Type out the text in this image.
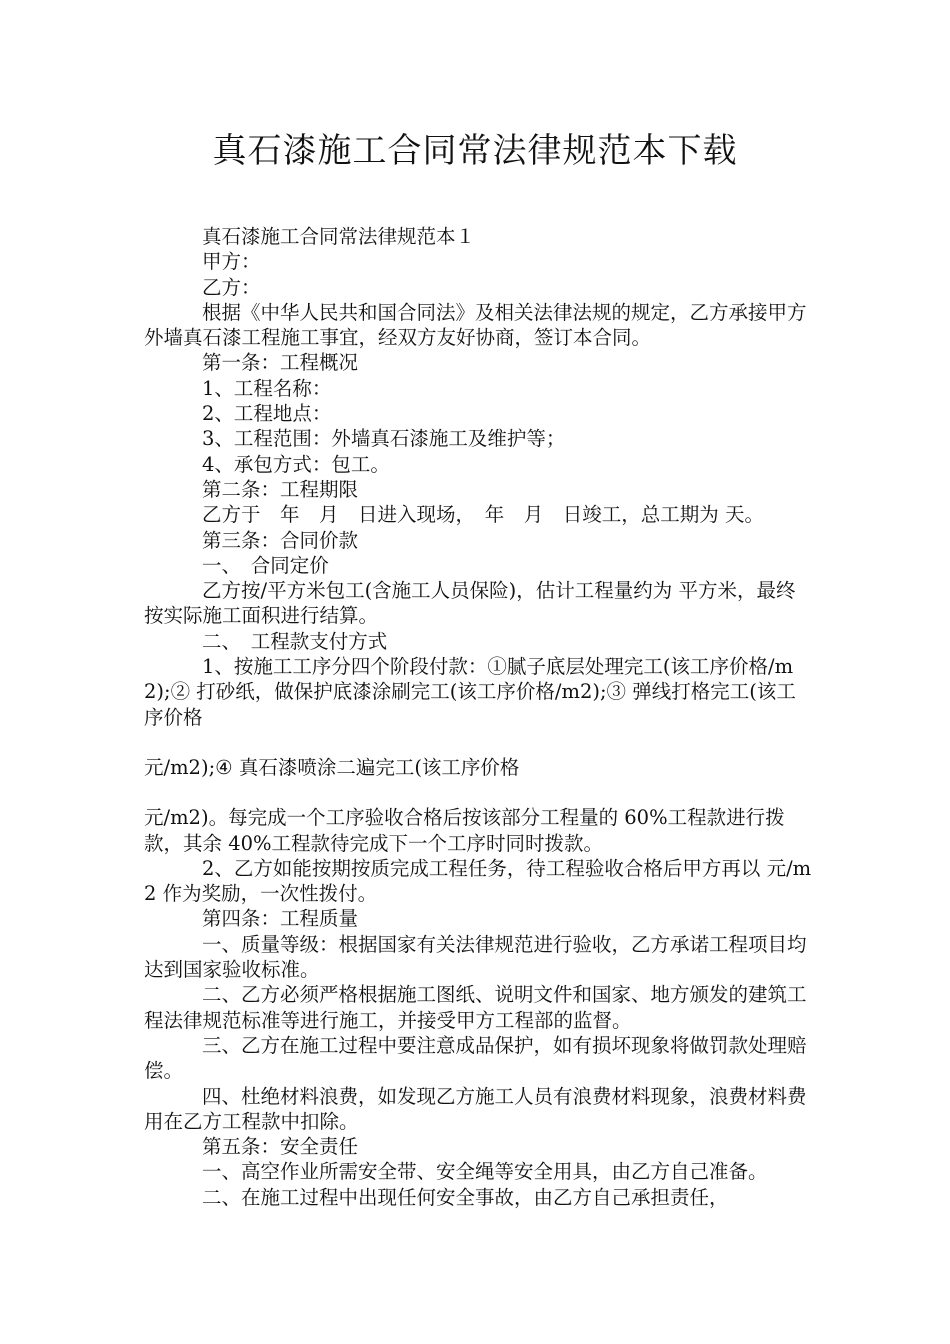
真石漆施工合同常法律规范本下载

真石漆施工合同常法律规范本１

甲方：

乙方：

根据《中华人民共和国合同法》及相关法律法规的规定，乙方承接甲方外墙真石漆工程施工事宜，经双方友好协商，签订本合同。

第一条：工程概况

1、工程名称：

2、工程地点：

3、工程范围：外墙真石漆施工及维护等；

4、承包方式：包工。

第二条：工程期限

乙方于　年　月　日进入现场，　年　月　日竣工，总工期为 天。

第三条：合同价款

一、　合同定价

乙方按/平方米包工(含施工人员保险)，估计工程量约为 平方米，最终按实际施工面积进行结算。

二、　工程款支付方式

1、按施工工序分四个阶段付款：①腻子底层处理完工(该工序价格/m2);② 打砂纸，做保护底漆涂刷完工(该工序价格/m2);③ 弹线打格完工(该工序价格

元/m2);④ 真石漆喷涂二遍完工(该工序价格

元/m2)。每完成一个工序验收合格后按该部分工程量的 60%工程款进行拨款，其余 40%工程款待完成下一个工序时同时拨款。

2、乙方如能按期按质完成工程任务，待工程验收合格后甲方再以 元/m2 作为奖励，一次性拨付。

第四条：工程质量

一、质量等级：根据国家有关法律规范进行验收，乙方承诺工程项目均达到国家验收标准。

二、乙方必须严格根据施工图纸、说明文件和国家、地方颁发的建筑工程法律规范标准等进行施工，并接受甲方工程部的监督。

三、乙方在施工过程中要注意成品保护，如有损坏现象将做罚款处理赔偿。

四、杜绝材料浪费，如发现乙方施工人员有浪费材料现象，浪费材料费用在乙方工程款中扣除。

第五条：安全责任

一、高空作业所需安全带、安全绳等安全用具，由乙方自己准备。

二、在施工过程中出现任何安全事故，由乙方自己承担责任，
